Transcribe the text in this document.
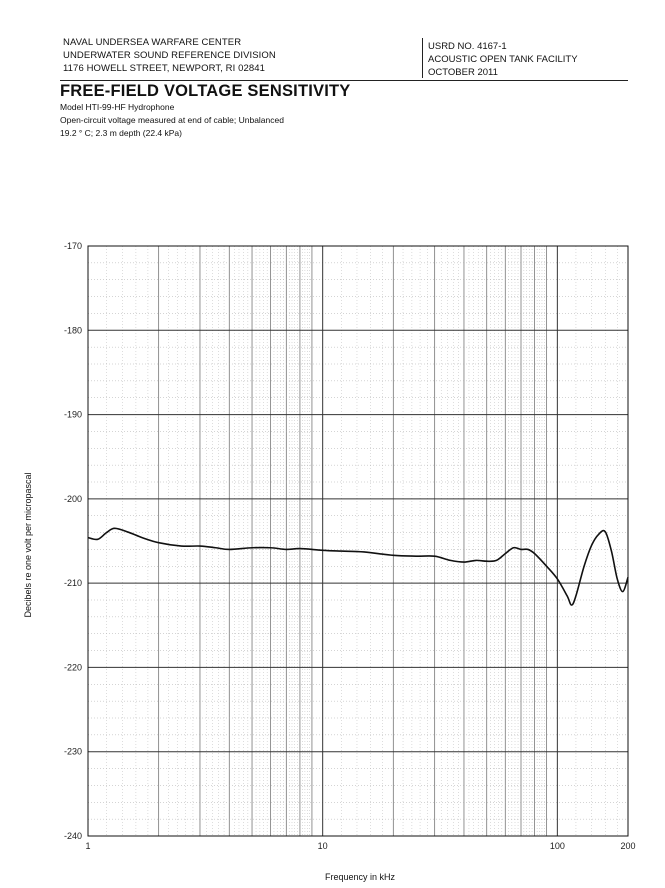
NAVAL UNDERSEA WARFARE CENTER
UNDERWATER SOUND REFERENCE DIVISION
1176 HOWELL STREET, NEWPORT, RI 02841
USRD NO. 4167-1
ACOUSTIC OPEN TANK FACILITY
OCTOBER 2011
FREE-FIELD VOLTAGE SENSITIVITY
Model HTI-99-HF Hydrophone
Open-circuit voltage measured at end of cable; Unbalanced
19.2 ° C; 2.3 m depth (22.4 kPa)
-240
-230
-220
-210
-200
-190
-180
-170
1	10	100	200
Decibels re one volt per micropascal
Frequency in kHz
